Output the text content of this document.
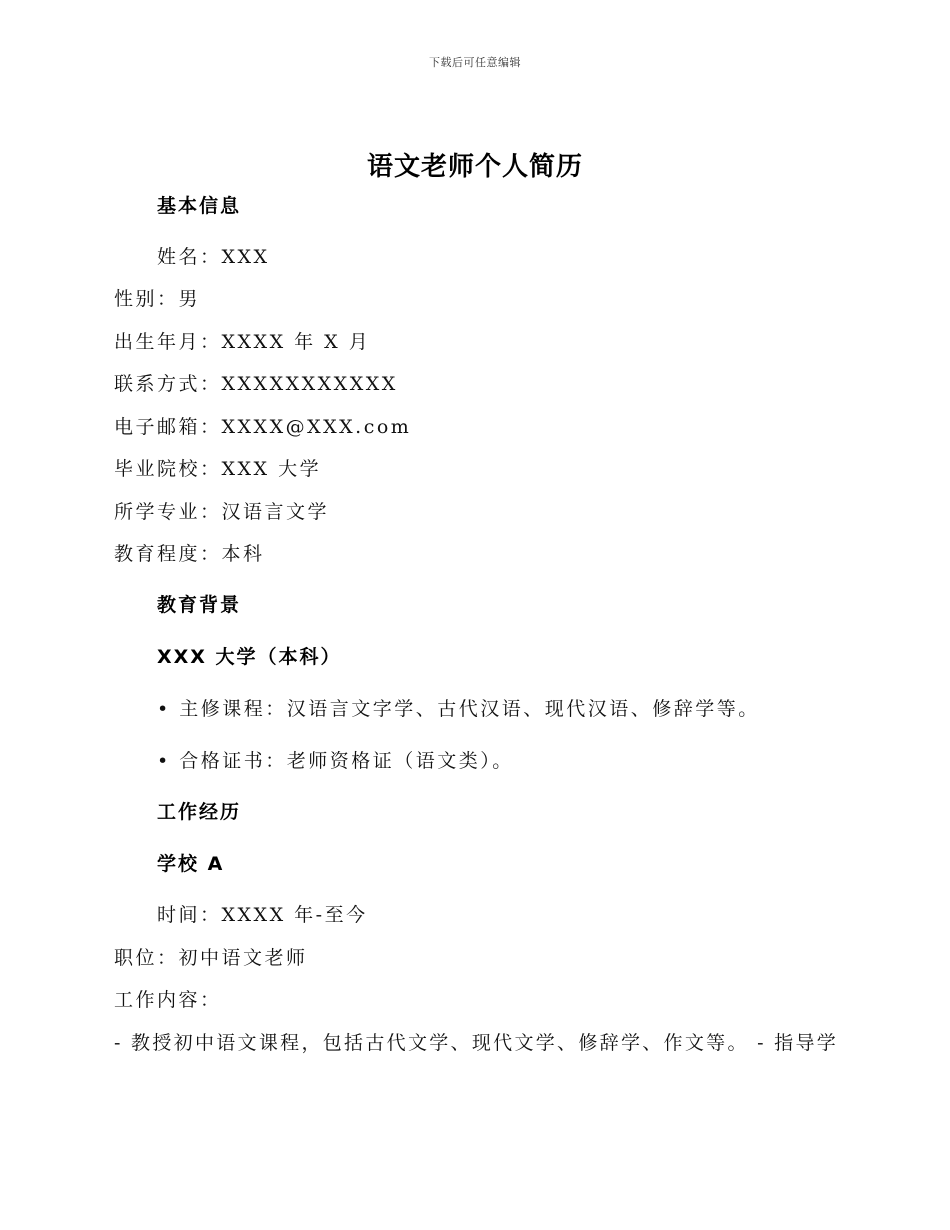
下载后可任意编辑
语文老师个人简历
基本信息
姓名：XXX
性别：男
出生年月：XXXX 年 X 月
联系方式：XXXXXXXXXXX
电子邮箱：XXXX@XXX.com
毕业院校：XXX 大学
所学专业：汉语言文学
教育程度：本科
教育背景
XXX 大学（本科）
• 主修课程：汉语言文字学、古代汉语、现代汉语、修辞学等。
• 合格证书：老师资格证（语文类）。
工作经历
学校 A
时间：XXXX 年-至今
职位：初中语文老师
工作内容：
- 教授初中语文课程，包括古代文学、现代文学、修辞学、作文等。 - 指导学
